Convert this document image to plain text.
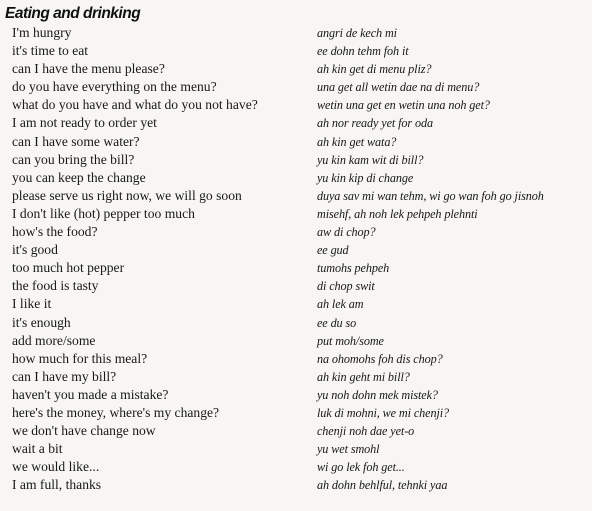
Eating and drinking
I'm hungry	angri de kech mi
it's time to eat	ee dohn tehm foh it
can I have the menu please?	ah kin get di menu pliz?
do you have everything on the menu?	una get all wetin dae na di menu?
what do you have and what do you not have?	wetin una get en wetin una noh get?
I am not ready to order yet	ah nor ready yet for oda
can I have some water?	ah kin get wata?
can you bring the bill?	yu kin kam wit di bill?
you can keep the change	yu kin kip di change
please serve us right now, we will go soon	duya sav mi wan tehm, wi go wan foh go jisnoh
I don't like (hot) pepper too much	misehf, ah noh lek pehpeh plehnti
how's the food?	aw di chop?
it's good	ee gud
too much hot pepper	tumohs pehpeh
the food is tasty	di chop swit
I like it	ah lek am
it's enough	ee du so
add more/some	put moh/some
how much for this meal?	na ohomohs foh dis chop?
can I have my bill?	ah kin geht mi bill?
haven't you made a mistake?	yu noh dohn mek mistek?
here's the money, where's my change?	luk di mohni, we mi chenji?
we don't have change now	chenji noh dae yet-o
wait a bit	yu wet smohl
we would like...	wi go lek foh get...
I am full, thanks	ah dohn behlful, tehnki yaa
